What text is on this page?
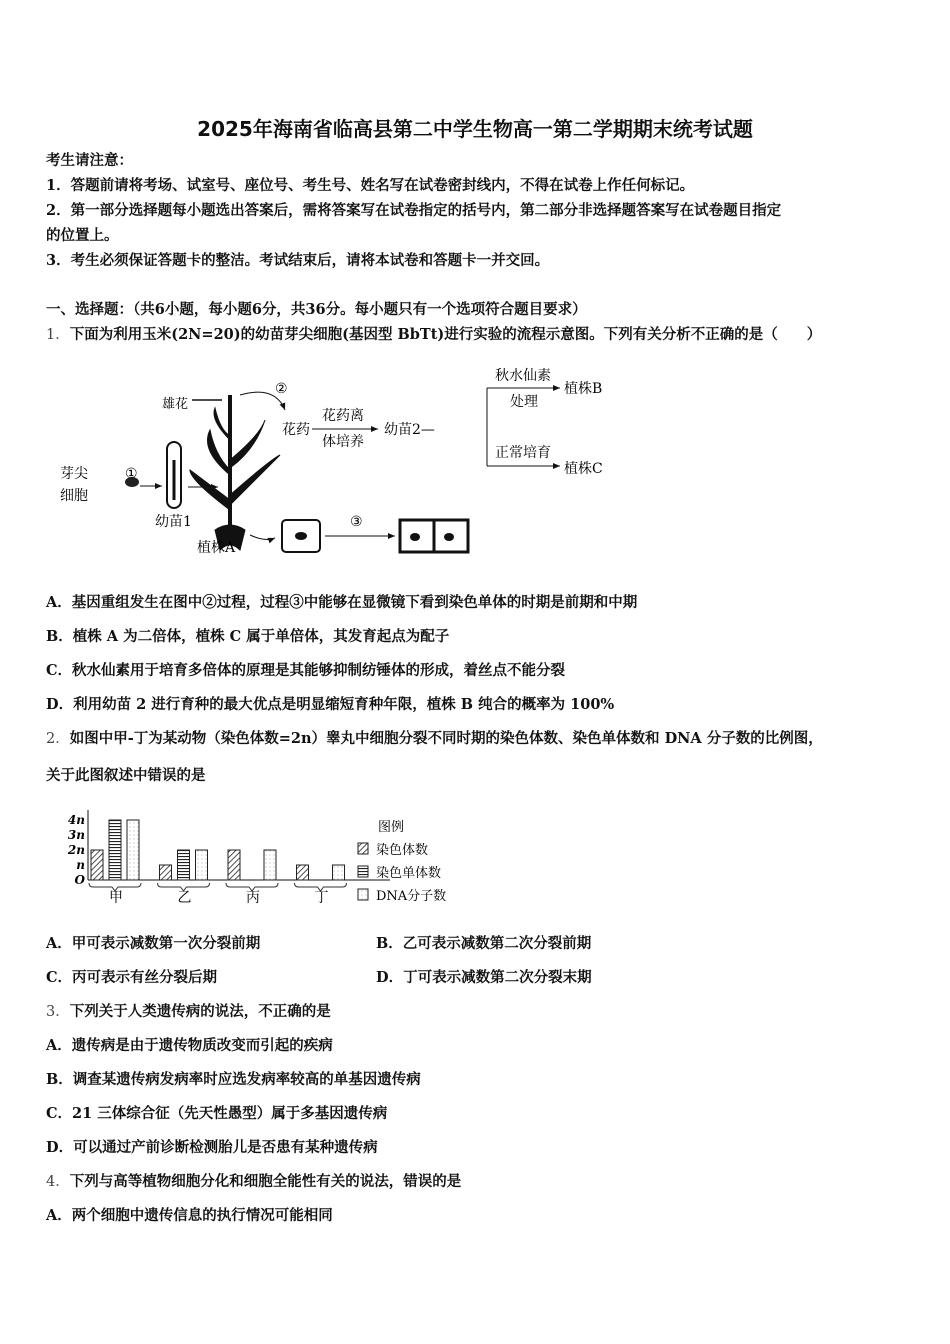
2025年海南省临高县第二中学生物高一第二学期期末统考试题
考生请注意：
1．答题前请将考场、试室号、座位号、考生号、姓名写在试卷密封线内，不得在试卷上作任何标记。
2．第一部分选择题每小题选出答案后，需将答案写在试卷指定的括号内，第二部分非选择题答案写在试卷题目指定
的位置上。
3．考生必须保证答题卡的整洁。考试结束后，请将本试卷和答题卡一并交回。
一、选择题：（共6小题，每小题6分，共36分。每小题只有一个选项符合题目要求）
1．下面为利用玉米(2N=20)的幼苗芽尖细胞(基因型 BbTt)进行实验的流程示意图。下列有关分析不正确的是（　　）
芽尖
细胞
①
幼苗1
雄花
②
植株A
花药
花药离
体培养
幼苗2—
秋水仙素
处理
植株B
正常培育
植株C
③
A．基因重组发生在图中②过程，过程③中能够在显微镜下看到染色单体的时期是前期和中期
B．植株 A 为二倍体，植株 C 属于单倍体，其发育起点为配子
C．秋水仙素用于培育多倍体的原理是其能够抑制纺锤体的形成，着丝点不能分裂
D．利用幼苗 2 进行育种的最大优点是明显缩短育种年限，植株 B 纯合的概率为 100%
2．如图中甲-丁为某动物（染色体数=2n）睾丸中细胞分裂不同时期的染色体数、染色单体数和 DNA 分子数的比例图，
关于此图叙述中错误的是
O
n
2n
3n
4n
甲	乙	丙	丁
图例
染色体数
染色单体数
DNA分子数
A．甲可表示减数第一次分裂前期	B．乙可表示减数第二次分裂前期
C．丙可表示有丝分裂后期	D．丁可表示减数第二次分裂末期
3．下列关于人类遗传病的说法，不正确的是
A．遗传病是由于遗传物质改变而引起的疾病
B．调查某遗传病发病率时应选发病率较高的单基因遗传病
C．21 三体综合征（先天性愚型）属于多基因遗传病
D．可以通过产前诊断检测胎儿是否患有某种遗传病
4．下列与高等植物细胞分化和细胞全能性有关的说法，错误的是
A．两个细胞中遗传信息的执行情况可能相同
